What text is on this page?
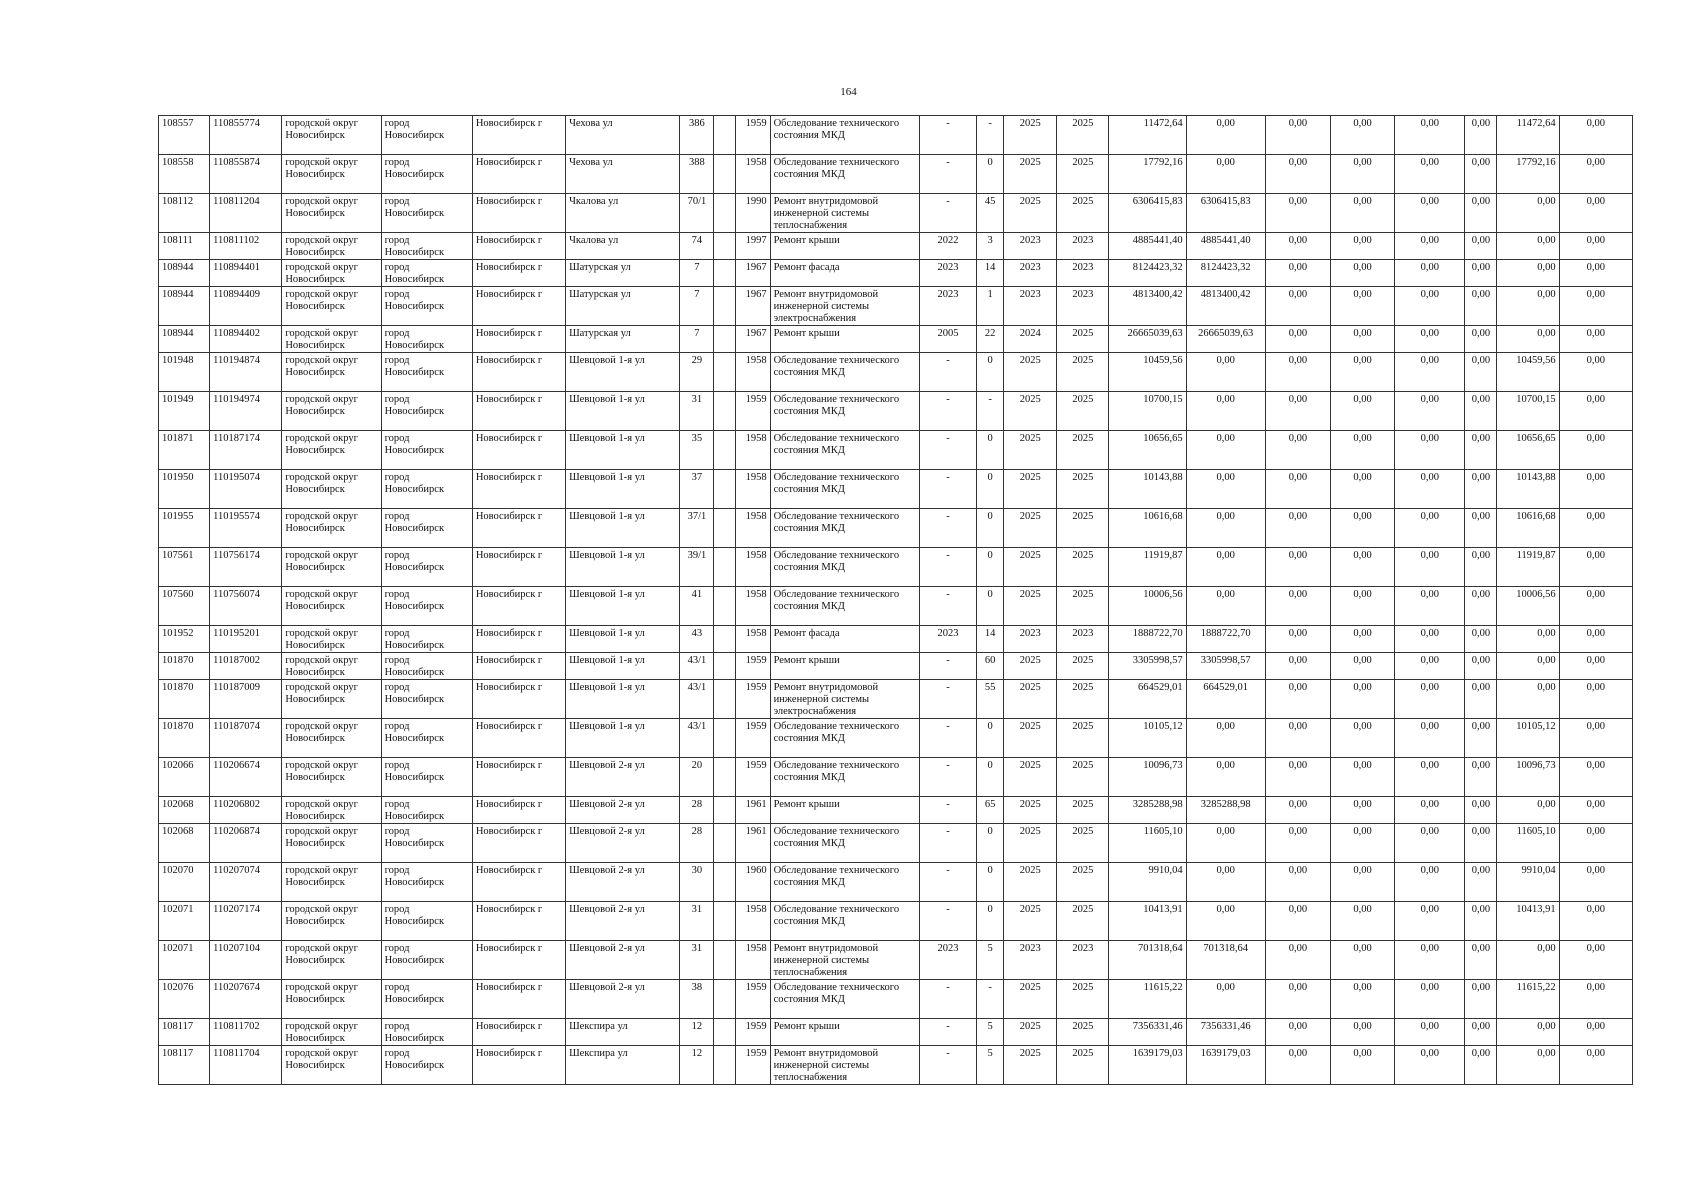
164
108557	110855774	городской округ Новосибирск	город Новосибирск	Новосибирск г	Чехова ул	386		1959	Обследование технического состояния МКД	-	-	2025	2025	11472,64	0,00	0,00	0,00	0,00	0,00	11472,64	0,00
108558	110855874	городской округ Новосибирск	город Новосибирск	Новосибирск г	Чехова ул	388		1958	Обследование технического состояния МКД	-	0	2025	2025	17792,16	0,00	0,00	0,00	0,00	0,00	17792,16	0,00
108112	110811204	городской округ Новосибирск	город Новосибирск	Новосибирск г	Чкалова ул	70/1		1990	Ремонт внутридомовой инженерной системы теплоснабжения	-	45	2025	2025	6306415,83	6306415,83	0,00	0,00	0,00	0,00	0,00	0,00
108111	110811102	городской округ Новосибирск	город Новосибирск	Новосибирск г	Чкалова ул	74		1997	Ремонт крыши	2022	3	2023	2023	4885441,40	4885441,40	0,00	0,00	0,00	0,00	0,00	0,00
108944	110894401	городской округ Новосибирск	город Новосибирск	Новосибирск г	Шатурская ул	7		1967	Ремонт фасада	2023	14	2023	2023	8124423,32	8124423,32	0,00	0,00	0,00	0,00	0,00	0,00
108944	110894409	городской округ Новосибирск	город Новосибирск	Новосибирск г	Шатурская ул	7		1967	Ремонт внутридомовой инженерной системы электроснабжения	2023	1	2023	2023	4813400,42	4813400,42	0,00	0,00	0,00	0,00	0,00	0,00
108944	110894402	городской округ Новосибирск	город Новосибирск	Новосибирск г	Шатурская ул	7		1967	Ремонт крыши	2005	22	2024	2025	26665039,63	26665039,63	0,00	0,00	0,00	0,00	0,00	0,00
101948	110194874	городской округ Новосибирск	город Новосибирск	Новосибирск г	Шевцовой 1-я ул	29		1958	Обследование технического состояния МКД	-	0	2025	2025	10459,56	0,00	0,00	0,00	0,00	0,00	10459,56	0,00
101949	110194974	городской округ Новосибирск	город Новосибирск	Новосибирск г	Шевцовой 1-я ул	31		1959	Обследование технического состояния МКД	-	-	2025	2025	10700,15	0,00	0,00	0,00	0,00	0,00	10700,15	0,00
101871	110187174	городской округ Новосибирск	город Новосибирск	Новосибирск г	Шевцовой 1-я ул	35		1958	Обследование технического состояния МКД	-	0	2025	2025	10656,65	0,00	0,00	0,00	0,00	0,00	10656,65	0,00
101950	110195074	городской округ Новосибирск	город Новосибирск	Новосибирск г	Шевцовой 1-я ул	37		1958	Обследование технического состояния МКД	-	0	2025	2025	10143,88	0,00	0,00	0,00	0,00	0,00	10143,88	0,00
101955	110195574	городской округ Новосибирск	город Новосибирск	Новосибирск г	Шевцовой 1-я ул	37/1		1958	Обследование технического состояния МКД	-	0	2025	2025	10616,68	0,00	0,00	0,00	0,00	0,00	10616,68	0,00
107561	110756174	городской округ Новосибирск	город Новосибирск	Новосибирск г	Шевцовой 1-я ул	39/1		1958	Обследование технического состояния МКД	-	0	2025	2025	11919,87	0,00	0,00	0,00	0,00	0,00	11919,87	0,00
107560	110756074	городской округ Новосибирск	город Новосибирск	Новосибирск г	Шевцовой 1-я ул	41		1958	Обследование технического состояния МКД	-	0	2025	2025	10006,56	0,00	0,00	0,00	0,00	0,00	10006,56	0,00
101952	110195201	городской округ Новосибирск	город Новосибирск	Новосибирск г	Шевцовой 1-я ул	43		1958	Ремонт фасада	2023	14	2023	2023	1888722,70	1888722,70	0,00	0,00	0,00	0,00	0,00	0,00
101870	110187002	городской округ Новосибирск	город Новосибирск	Новосибирск г	Шевцовой 1-я ул	43/1		1959	Ремонт крыши	-	60	2025	2025	3305998,57	3305998,57	0,00	0,00	0,00	0,00	0,00	0,00
101870	110187009	городской округ Новосибирск	город Новосибирск	Новосибирск г	Шевцовой 1-я ул	43/1		1959	Ремонт внутридомовой инженерной системы электроснабжения	-	55	2025	2025	664529,01	664529,01	0,00	0,00	0,00	0,00	0,00	0,00
101870	110187074	городской округ Новосибирск	город Новосибирск	Новосибирск г	Шевцовой 1-я ул	43/1		1959	Обследование технического состояния МКД	-	0	2025	2025	10105,12	0,00	0,00	0,00	0,00	0,00	10105,12	0,00
102066	110206674	городской округ Новосибирск	город Новосибирск	Новосибирск г	Шевцовой 2-я ул	20		1959	Обследование технического состояния МКД	-	0	2025	2025	10096,73	0,00	0,00	0,00	0,00	0,00	10096,73	0,00
102068	110206802	городской округ Новосибирск	город Новосибирск	Новосибирск г	Шевцовой 2-я ул	28		1961	Ремонт крыши	-	65	2025	2025	3285288,98	3285288,98	0,00	0,00	0,00	0,00	0,00	0,00
102068	110206874	городской округ Новосибирск	город Новосибирск	Новосибирск г	Шевцовой 2-я ул	28		1961	Обследование технического состояния МКД	-	0	2025	2025	11605,10	0,00	0,00	0,00	0,00	0,00	11605,10	0,00
102070	110207074	городской округ Новосибирск	город Новосибирск	Новосибирск г	Шевцовой 2-я ул	30		1960	Обследование технического состояния МКД	-	0	2025	2025	9910,04	0,00	0,00	0,00	0,00	0,00	9910,04	0,00
102071	110207174	городской округ Новосибирск	город Новосибирск	Новосибирск г	Шевцовой 2-я ул	31		1958	Обследование технического состояния МКД	-	0	2025	2025	10413,91	0,00	0,00	0,00	0,00	0,00	10413,91	0,00
102071	110207104	городской округ Новосибирск	город Новосибирск	Новосибирск г	Шевцовой 2-я ул	31		1958	Ремонт внутридомовой инженерной системы теплоснабжения	2023	5	2023	2023	701318,64	701318,64	0,00	0,00	0,00	0,00	0,00	0,00
102076	110207674	городской округ Новосибирск	город Новосибирск	Новосибирск г	Шевцовой 2-я ул	38		1959	Обследование технического состояния МКД	-	-	2025	2025	11615,22	0,00	0,00	0,00	0,00	0,00	11615,22	0,00
108117	110811702	городской округ Новосибирск	город Новосибирск	Новосибирск г	Шекспира ул	12		1959	Ремонт крыши	-	5	2025	2025	7356331,46	7356331,46	0,00	0,00	0,00	0,00	0,00	0,00
108117	110811704	городской округ Новосибирск	город Новосибирск	Новосибирск г	Шекспира ул	12		1959	Ремонт внутридомовой инженерной системы теплоснабжения	-	5	2025	2025	1639179,03	1639179,03	0,00	0,00	0,00	0,00	0,00	0,00
